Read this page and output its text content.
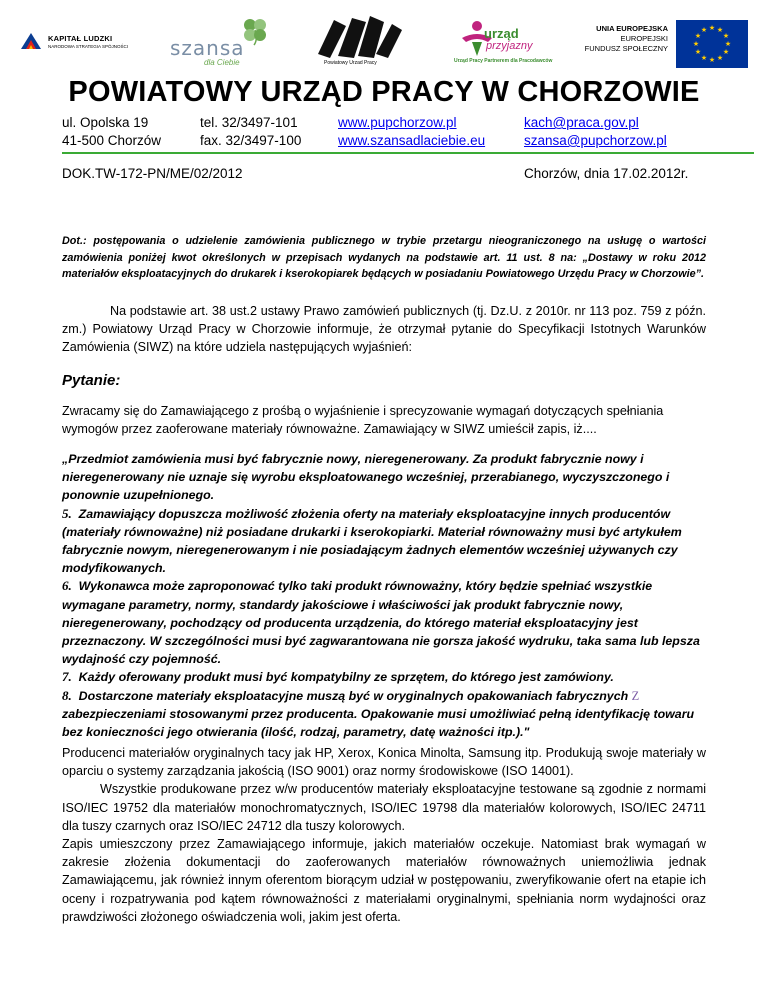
KAPITAŁ LUDZKI
NARODOWA STRATEGIA SPÓJNOŚCI szansa
dla Ciebie	Powiatowy Urzad Pracy
urząd
przyjazny
Urząd Pracy Partnerem dla Pracodawców
UNIA EUROPEJSKA
EUROPEJSKI
FUNDUSZ SPOŁECZNY
★ ★
★
★
★
★
★
★
★
★
★
★
POWIATOWY URZĄD PRACY W CHORZOWIE
ul. Opolska 19
41-500 Chorzów
tel. 32/3497-101
fax. 32/3497-100
www.pupchorzow.pl
www.szansadlaciebie.eu
kach@praca.gov.pl
szansa@pupchorzow.pl
DOK.TW-172-PN/ME/02/2012	Chorzów, dnia 17.02.2012r.

Dot.: postępowania o udzielenie zamówienia publicznego w trybie przetargu nieograniczonego na usługę o wartości zamówienia poniżej kwot określonych w przepisach wydanych na podstawie art. 11 ust. 8 na: „Dostawy w roku 2012 materiałów eksploatacyjnych do drukarek i kserokopiarek będących w posiadaniu Powiatowego Urzędu Pracy w Chorzowie”.

Na podstawie art. 38 ust.2 ustawy Prawo zamówień publicznych (tj. Dz.U. z 2010r. nr 113 poz. 759 z późn. zm.) Powiatowy Urząd Pracy w Chorzowie informuje, że otrzymał pytanie do Specyfikacji Istotnych Warunków Zamówienia (SIWZ) na które udziela następujących wyjaśnień:

Pytanie:

Zwracamy się do Zamawiającego z prośbą o wyjaśnienie i sprecyzowanie wymagań dotyczących spełniania wymogów przez zaoferowane materiały równoważne. Zamawiający w SIWZ umieścił zapis, iż....

„Przedmiot zamówienia musi być fabrycznie nowy, nieregenerowany. Za produkt fabrycznie nowy i nieregenerowany nie uznaje się wyrobu eksploatowanego wcześniej, przerabianego, wyczyszczonego i ponownie uzupełnionego.

5. Zamawiający dopuszcza możliwość złożenia oferty na materiały eksploatacyjne innych producentów (materiały równoważne) niż posiadane drukarki i kserokopiarki. Materiał równoważny musi być artykułem fabrycznie nowym, nieregenerowanym i nie posiadającym żadnych elementów wcześniej używanych czy modyfikowanych.

6. Wykonawca może zaproponować tylko taki produkt równoważny, który będzie spełniać wszystkie wymagane parametry, normy, standardy jakościowe i właściwości jak produkt fabrycznie nowy, nieregenerowany, pochodzący od producenta urządzenia, do którego materiał eksploatacyjny jest przeznaczony. W szczególności musi być zagwarantowana nie gorsza jakość wydruku, taka sama lub lepsza wydajność czy pojemność.

7. Każdy oferowany produkt musi być kompatybilny ze sprzętem, do którego jest zamówiony.

8. Dostarczone materiały eksploatacyjne muszą być w oryginalnych opakowaniach fabrycznych Z zabezpieczeniami stosowanymi przez producenta. Opakowanie musi umożliwiać pełną identyfikację towaru bez konieczności jego otwierania (ilość, rodzaj, parametry, datę ważności itp.)."

Producenci materiałów oryginalnych tacy jak HP, Xerox, Konica Minolta, Samsung itp. Produkują swoje materiały w oparciu o systemy zarządzania jakością (ISO 9001) oraz normy środowiskowe (ISO 14001).

Wszystkie produkowane przez w/w producentów materiały eksploatacyjne testowane są zgodnie z normami ISO/IEC 19752 dla materiałów monochromatycznych, ISO/IEC 19798 dla materiałów kolorowych, ISO/IEC 24711 dla tuszy czarnych oraz ISO/IEC 24712 dla tuszy kolorowych.

Zapis umieszczony przez Zamawiającego informuje, jakich materiałów oczekuje. Natomiast brak wymagań w zakresie złożenia dokumentacji do zaoferowanych materiałów równoważnych uniemożliwia jednak Zamawiającemu, jak również innym oferentom biorącym udział w postępowaniu, zweryfikowanie ofert na etapie ich oceny i rozpatrywania pod kątem równoważności z materiałami oryginalnymi, spełniania norm wydajności oraz prawdziwości złożonego oświadczenia woli, jakim jest oferta.
